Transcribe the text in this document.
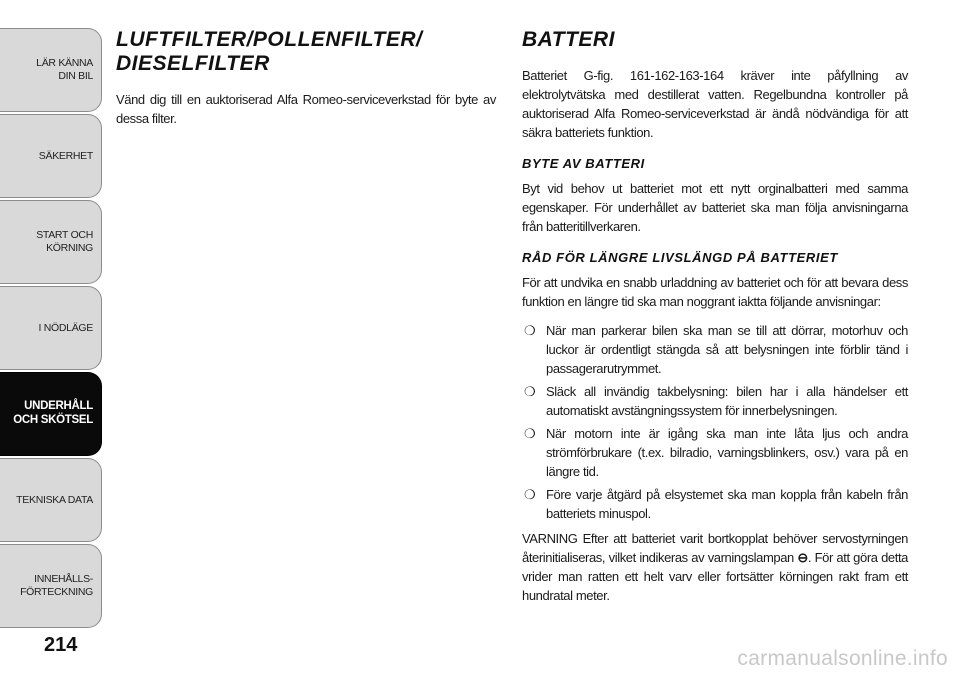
LÄR KÄNNA
DIN BIL
SÄKERHET
START OCH
KÖRNING
I NÖDLÄGE
UNDERHÅLL
OCH SKÖTSEL
TEKNISKA DATA
INNEHÅLLS-
FÖRTECKNING
214
LUFTFILTER/POLLENFILTER/
DIESELFILTER

Vänd dig till en auktoriserad Alfa Romeo-serviceverkstad för byte av dessa filter.

BATTERI

Batteriet G-fig. 161-162-163-164 kräver inte påfyllning av elektrolytvätska med destillerat vatten. Regelbundna kontroller på auktoriserad Alfa Romeo-serviceverkstad är ändå nödvändiga för att säkra batteriets funktion.

BYTE AV BATTERI

Byt vid behov ut batteriet mot ett nytt orginalbatteri med samma egenskaper. För underhållet av batteriet ska man följa anvisningarna från batteritillverkaren.

RÅD FÖR LÄNGRE LIVSLÄNGD PÅ BATTERIET

För att undvika en snabb urladdning av batteriet och för att bevara dess funktion en längre tid ska man noggrant iaktta följande anvisningar:

❍ När man parkerar bilen ska man se till att dörrar, motorhuv och luckor är ordentligt stängda så att belysningen inte förblir tänd i passagerarutrymmet.
❍ Släck all invändig takbelysning: bilen har i alla händelser ett automatiskt avstängningssystem för innerbelysningen.
❍ När motorn inte är igång ska man inte låta ljus och andra strömförbrukare (t.ex. bilradio, varningsblinkers, osv.) vara på en längre tid.
❍ Före varje åtgärd på elsystemet ska man koppla från kabeln från batteriets minuspol.

VARNING Efter att batteriet varit bortkopplat behöver servostyrningen återinitialiseras, vilket indikeras av varningslampan ⊖. För att göra detta vrider man ratten ett helt varv eller fortsätter körningen rakt fram ett hundratal meter.

carmanualsonline.info
